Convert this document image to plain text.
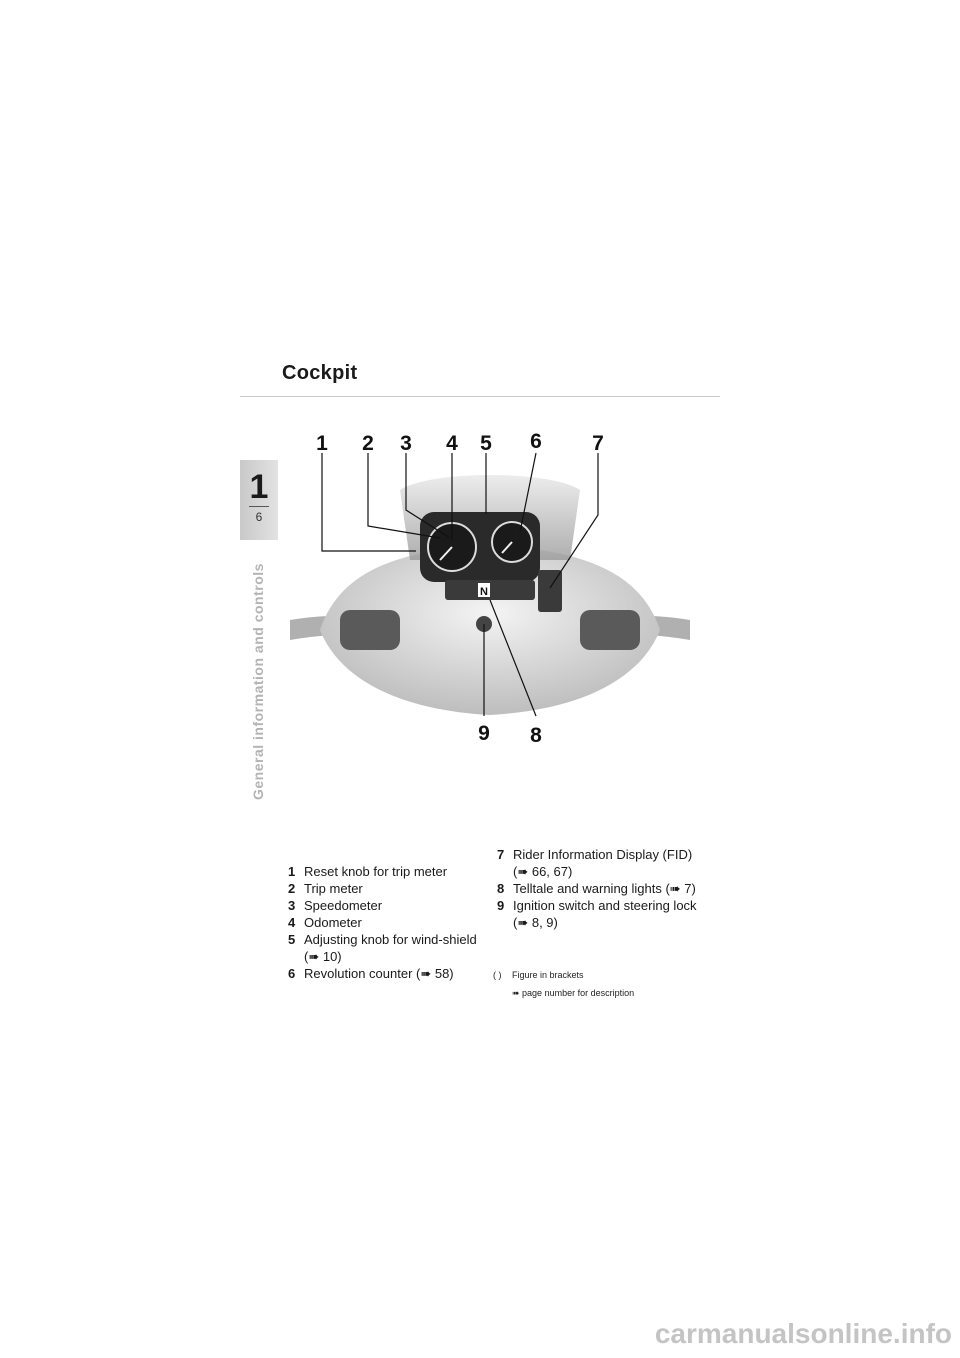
Cockpit
1
6
General information and controls	N
1 2 3 4 5 6 7
9 8
1 Reset knob for trip meter
2 Trip meter
3 Speedometer
4 Odometer
5 Adjusting knob for wind-shield (➠ 10)
6 Revolution counter (➠ 58)
7 Rider Information Display (FID) (➠ 66, 67)
8 Telltale and warning lights (➠ 7)
9 Ignition switch and steering lock (➠ 8, 9)
( ) Figure in brackets
➠ page number for description
carmanualsonline.info
